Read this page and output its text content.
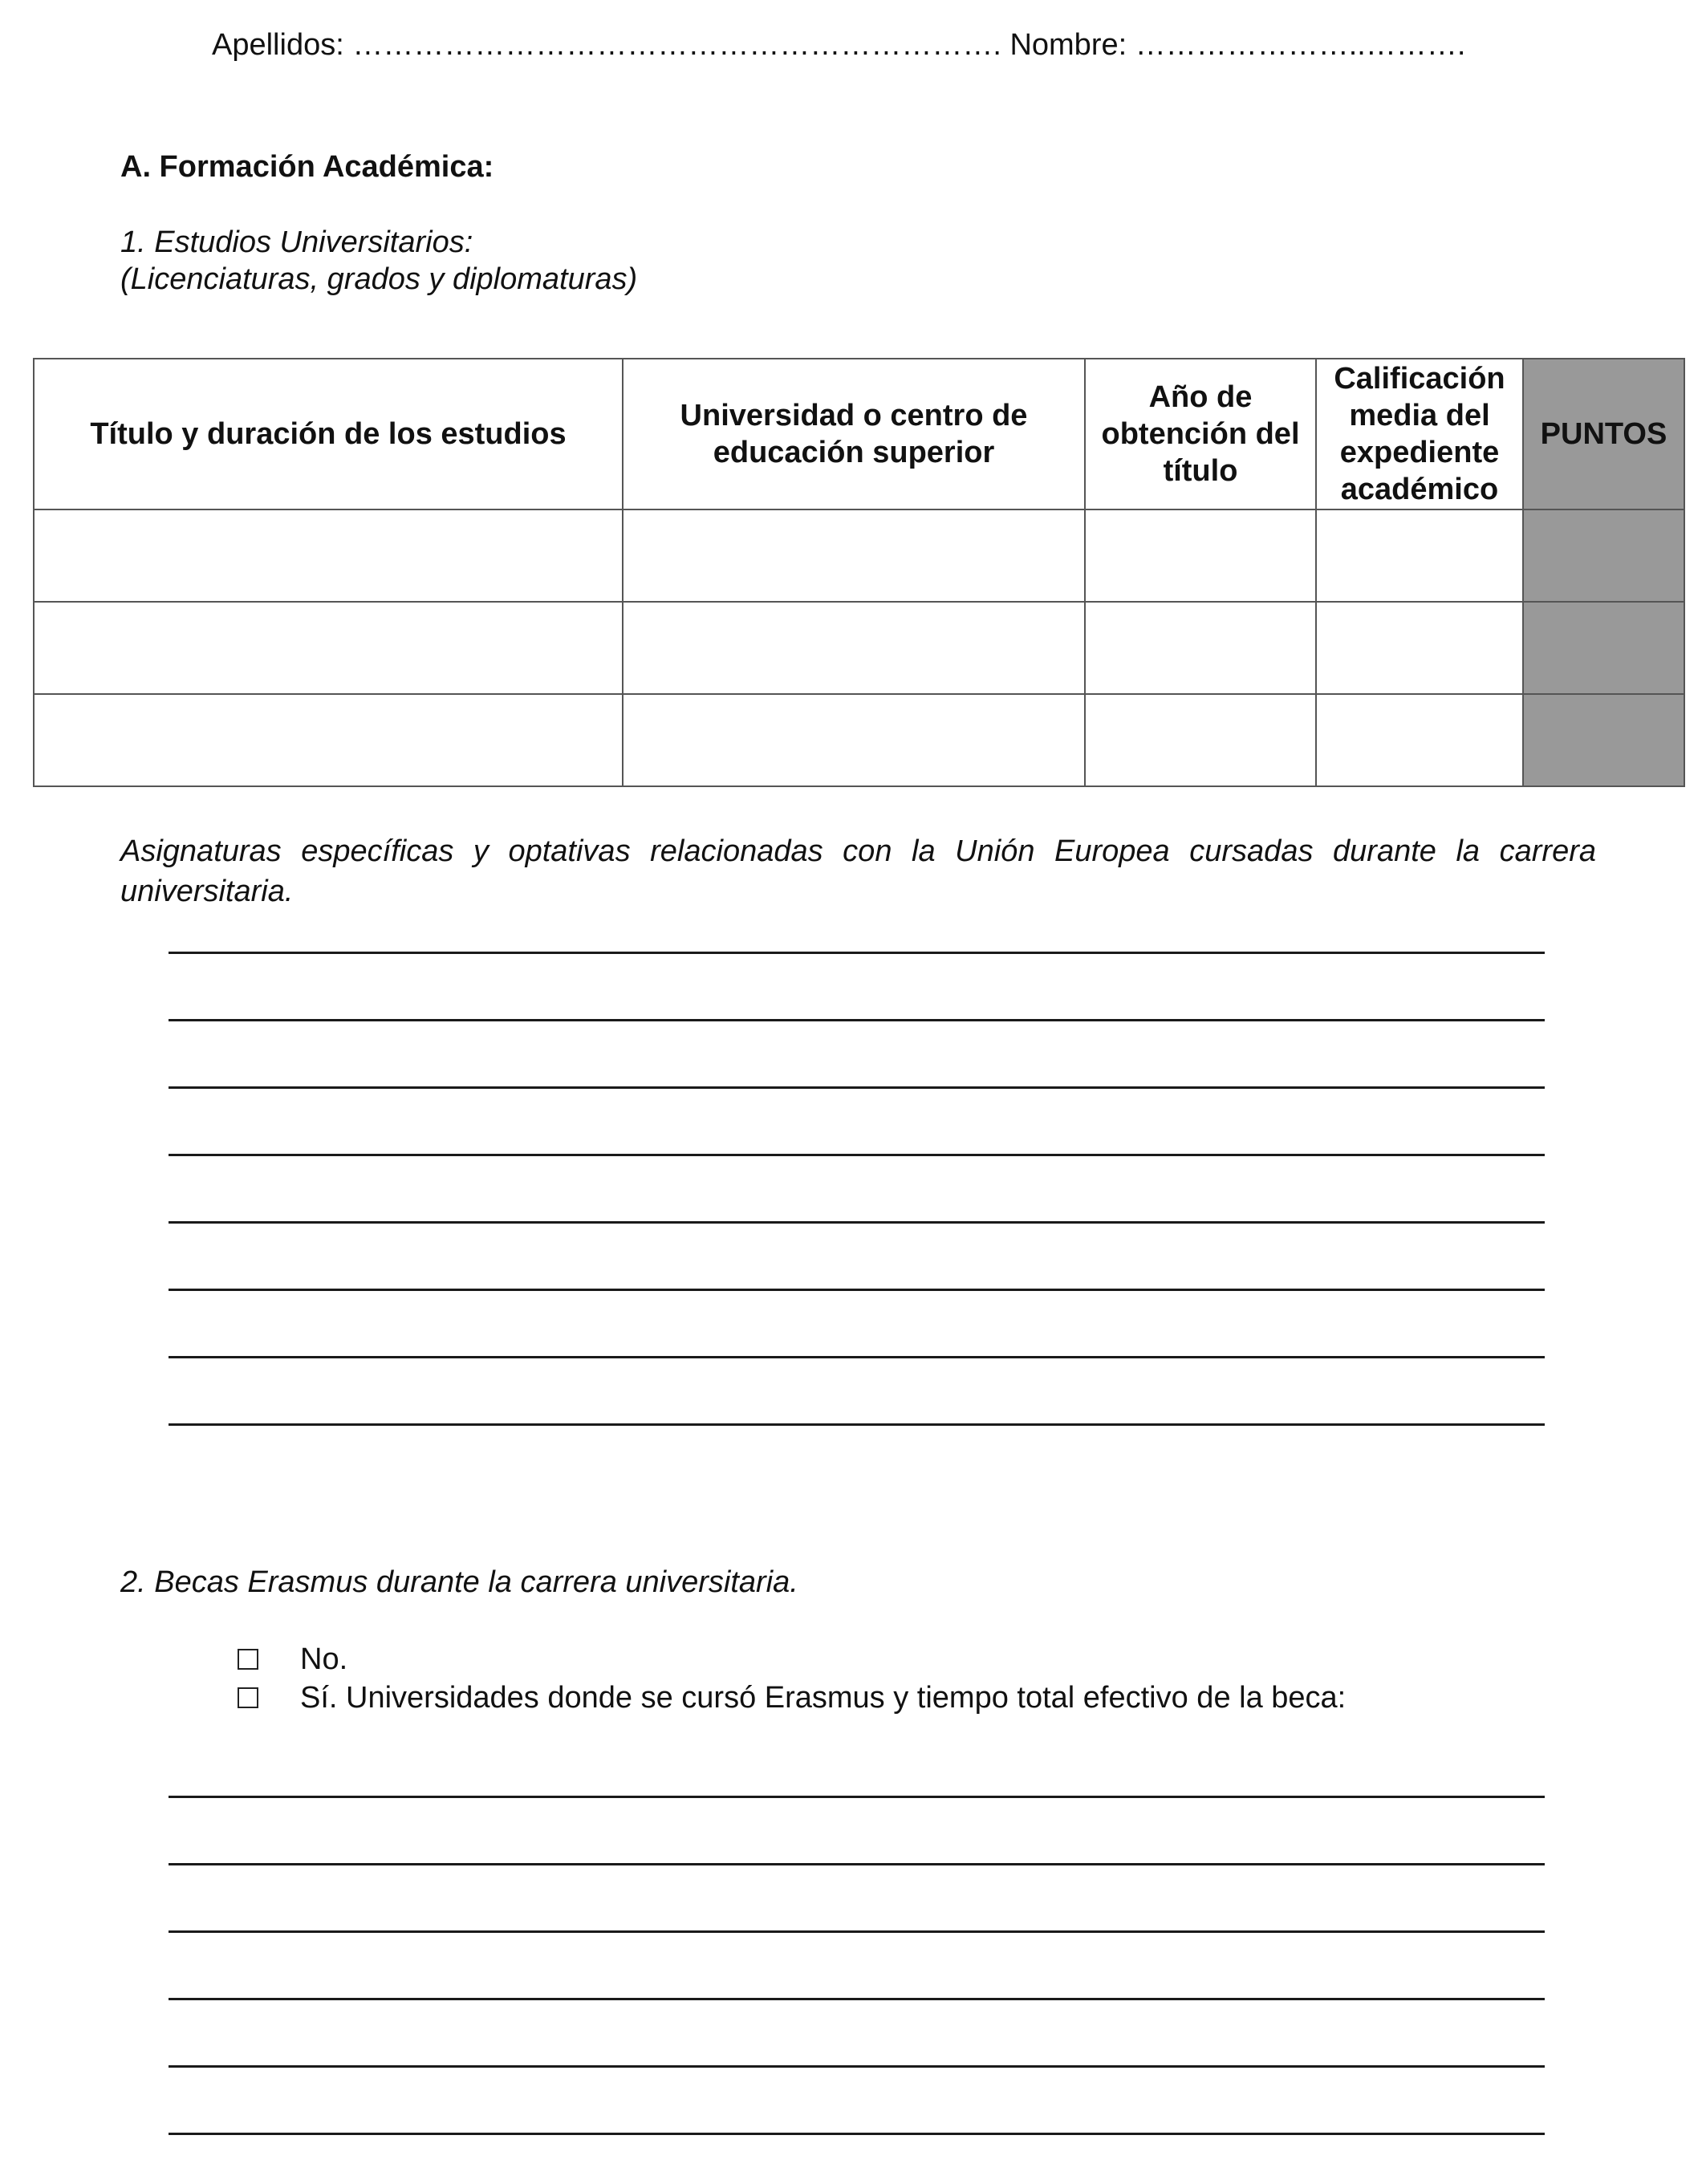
Apellidos: ………………………………………………………. Nombre: …………………..……….
A. Formación Académica:
1. Estudios Universitarios:
(Licenciaturas, grados y diplomaturas)
Título y duración de los estudios	Universidad o centro de educación superior	Año de obtención del título	Calificación media del expediente académico	PUNTOS

Asignaturas específicas y optativas relacionadas con la Unión Europea cursadas durante la carrera universitaria.
2. Becas Erasmus durante la carrera universitaria.
No.
Sí. Universidades donde se cursó Erasmus y tiempo total efectivo de la beca:
